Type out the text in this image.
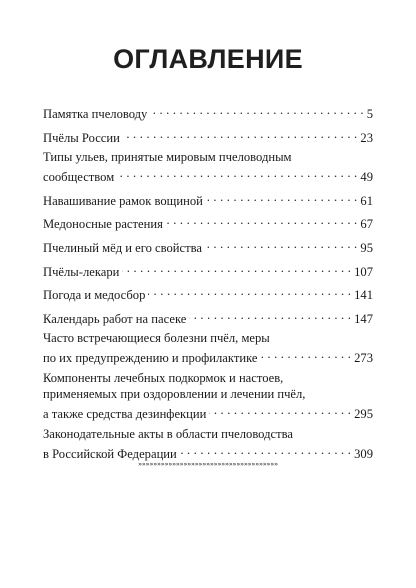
ОГЛАВЛЕНИЕ
Памятка пчеловоду . . .	5
Пчёлы России . . .	23
Типы ульев, принятые мировым пчеловодным
сообществом . . .	49
Навашивание рамок вощиной . . .	61
Медоносные растения . . .	67
Пчелиный мёд и его свойства . . .	95
Пчёлы-лекари . . .	107
Погода и медосбор . . .	141
Календарь работ на пасеке . . .	147
Часто встречающиеся болезни пчёл, меры
по их предупреждению и профилактике . . .	273
Компоненты лечебных подкормок и настоев,
применяемых при оздоровлении и лечении пчёл,
а также средства дезинфекции . . .	295
Законодательные акты в области пчеловодства
в Российской Федерации . . .	309
»»»»»»»»»»»»»»»»»»»»»»»»»»»»»»»»»»»»»
